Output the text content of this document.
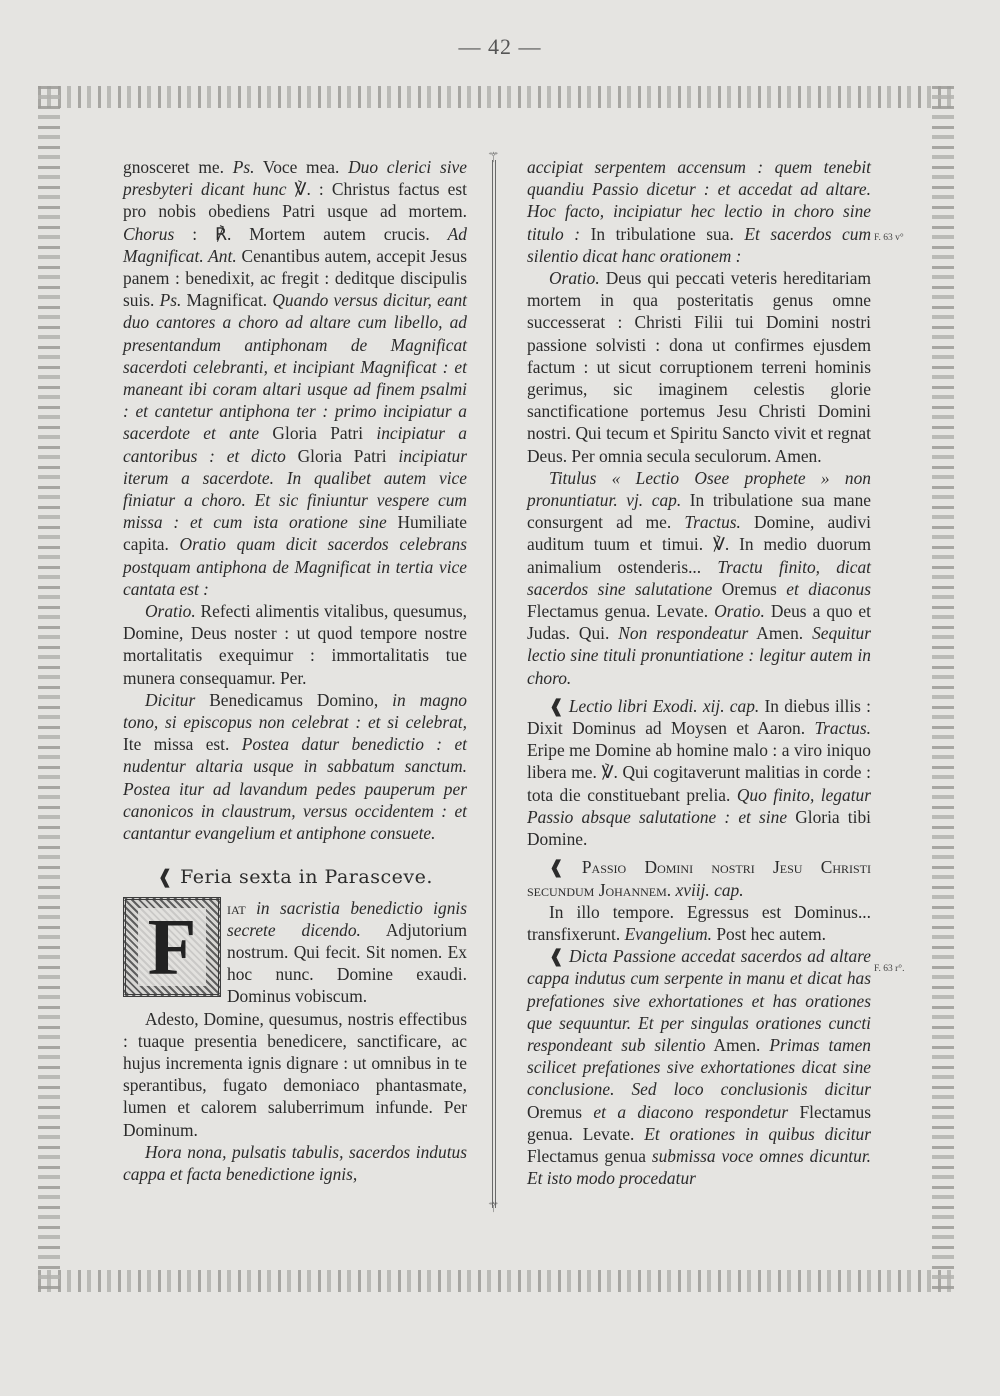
— 42 —
⚚
⚚
F. 63 v°
F. 63 r°.

gnosceret me. Ps. Voce mea. Duo clerici sive presbyteri dicant hunc ℣. : Christus factus est pro nobis obediens Patri usque ad mortem. Chorus : ℟. Mortem autem crucis. Ad Magnificat. Ant. Cenantibus autem, accepit Jesus panem : benedixit, ac fregit : deditque discipulis suis. Ps. Magnificat. Quando versus dicitur, eant duo cantores a choro ad altare cum libello, ad presentandum antiphonam de Magnificat sacerdoti celebranti, et incipiant Magnificat : et maneant ibi coram altari usque ad finem psalmi : et cantetur antiphona ter : primo incipiatur a sacerdote et ante Gloria Patri incipiatur a cantoribus : et dicto Gloria Patri incipiatur iterum a sacerdote. In qualibet autem vice finiatur a choro. Et sic finiuntur vespere cum missa : et cum ista oratione sine Humiliate capita. Oratio quam dicit sacerdos celebrans postquam antiphona de Magnificat in tertia vice cantata est :

Oratio. Refecti alimentis vitalibus, quesumus, Domine, Deus noster : ut quod tempore nostre mortalitatis exequimur : immortalitatis tue munera consequamur. Per.

Dicitur Benedicamus Domino, in magno tono, si episcopus non celebrat : et si celebrat, Ite missa est. Postea datur benedictio : et nudentur altaria usque in sabbatum sanctum. Postea itur ad lavandum pedes pauperum per canonicos in claustrum, versus occidentem : et cantantur evangelium et antiphone consuete.

❰ Feria sexta in Parasceve.

F	iat in sacristia benedictio ignis secrete dicendo. Adjutorium nostrum. Qui fecit. Sit nomen. Ex hoc nunc. Domine exaudi. Dominus vobiscum.

Adesto, Domine, quesumus, nostris effectibus : tuaque presentia benedicere, sanctificare, ac hujus incrementa ignis dignare : ut omnibus in te sperantibus, fugato demoniaco phantasmate, lumen et calorem saluberrimum infunde. Per Dominum.

Hora nona, pulsatis tabulis, sacerdos indutus cappa et facta benedictione ignis,

accipiat serpentem accensum : quem tenebit quandiu Passio dicetur : et accedat ad altare. Hoc facto, incipiatur hec lectio in choro sine titulo : In tribulatione sua. Et sacerdos cum silentio dicat hanc orationem :

Oratio. Deus qui peccati veteris hereditariam mortem in qua posteritatis genus omne successerat : Christi Filii tui Domini nostri passione solvisti : dona ut confirmes ejusdem factum : ut sicut corruptionem terreni hominis gerimus, sic imaginem celestis glorie sanctificatione portemus Jesu Christi Domini nostri. Qui tecum et Spiritu Sancto vivit et regnat Deus. Per omnia secula seculorum. Amen.

Titulus « Lectio Osee prophete » non pronuntiatur. vj. cap. In tribulatione sua mane consurgent ad me. Tractus. Domine, audivi auditum tuum et timui. ℣. In medio duorum animalium ostenderis... Tractu finito, dicat sacerdos sine salutatione Oremus et diaconus Flectamus genua. Levate. Oratio. Deus a quo et Judas. Qui. Non respondeatur Amen. Sequitur lectio sine tituli pronuntiatione : legitur autem in choro.

❰ Lectio libri Exodi. xij. cap. In diebus illis : Dixit Dominus ad Moysen et Aaron. Tractus. Eripe me Domine ab homine malo : a viro iniquo libera me. ℣. Qui cogitaverunt malitias in corde : tota die constituebant prelia. Quo finito, legatur Passio absque salutatione : et sine Gloria tibi Domine.

❰ Passio Domini nostri Jesu Christi secundum Johannem. xviij. cap.

In illo tempore. Egressus est Dominus... transfixerunt. Evangelium. Post hec autem.

❰ Dicta Passione accedat sacerdos ad altare cappa indutus cum serpente in manu et dicat has prefationes sive exhortationes et has orationes que sequuntur. Et per singulas orationes cuncti respondeant sub silentio Amen. Primas tamen scilicet prefationes sive exhortationes dicat sine conclusione. Sed loco conclusionis dicitur Oremus et a diacono respondetur Flectamus genua. Levate. Et orationes in quibus dicitur Flectamus genua submissa voce omnes dicuntur. Et isto modo procedatur
